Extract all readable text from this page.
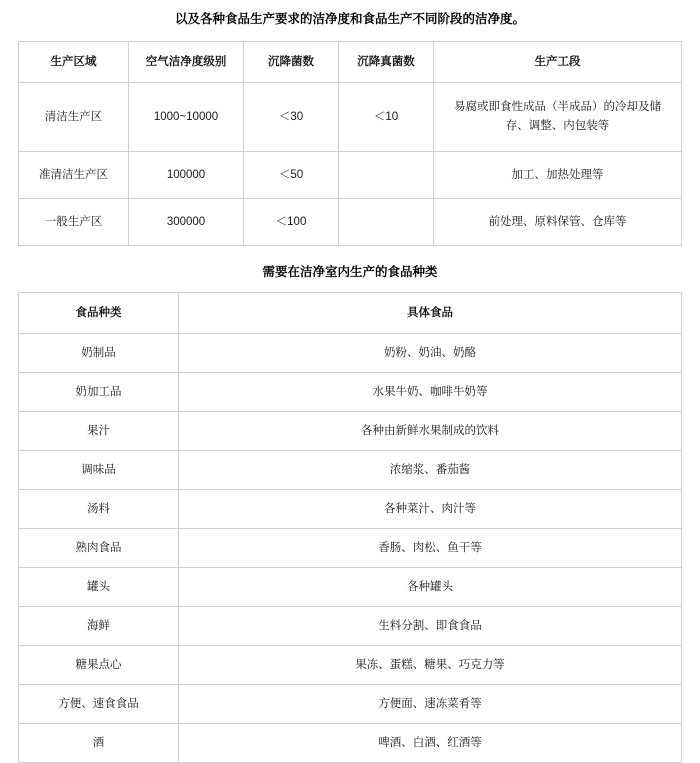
以及各种食品生产要求的洁净度和食品生产不同阶段的洁净度。
生产区域	空气洁净度级别	沉降菌数	沉降真菌数	生产工段
清洁生产区	1000~10000	＜30	＜10	易腐或即食性成品（半成品）的冷却及储存、调整、内包装等
准清洁生产区	100000	＜50		加工、加热处理等
一般生产区	300000	＜100		前处理、原料保管、仓库等
需要在洁净室内生产的食品种类
食品种类	具体食品
奶制品	奶粉、奶油、奶酪
奶加工品	水果牛奶、咖啡牛奶等
果汁	各种由新鲜水果制成的饮料
调味品	浓缩浆、番茄酱
汤料	各种菜汁、肉汁等
熟肉食品	香肠、肉松、鱼干等
罐头	各种罐头
海鲜	生料分割、即食食品
糖果点心	果冻、蛋糕、糖果、巧克力等
方便、速食食品	方便面、速冻菜肴等
酒	啤酒、白酒、红酒等
